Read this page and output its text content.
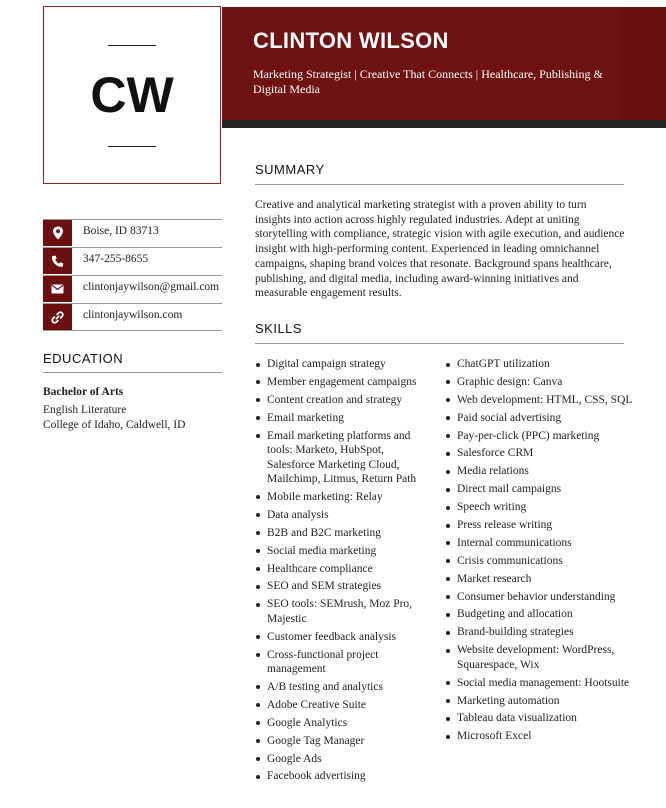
CLINTON WILSON

Marketing Strategist | Creative That Connects | Healthcare, Publishing & Digital Media

CW
Boise, ID 83713
347-255-8655
clintonjaywilson@gmail.com
clintonjaywilson.com
EDUCATION
Bachelor of Arts
English Literature
College of Idaho, Caldwell, ID
SUMMARY

Creative and analytical marketing strategist with a proven ability to turn insights into action across highly regulated industries. Adept at uniting storytelling with compliance, strategic vision with agile execution, and audience insight with high-performing content. Experienced in leading omnichannel campaigns, shaping brand voices that resonate. Background spans healthcare, publishing, and digital media, including award-winning initiatives and measurable engagement results.

SKILLS
Digital campaign strategy
Member engagement campaigns
Content creation and strategy
Email marketing
Email marketing platforms and tools: Marketo, HubSpot, Salesforce Marketing Cloud, Mailchimp, Litmus, Return Path
Mobile marketing: Relay
Data analysis
B2B and B2C marketing
Social media marketing
Healthcare compliance
SEO and SEM strategies
SEO tools: SEMrush, Moz Pro, Majestic
Customer feedback analysis
Cross-functional project management
A/B testing and analytics
Adobe Creative Suite
Google Analytics
Google Tag Manager
Google Ads
Facebook advertising
ChatGPT utilization
Graphic design: Canva
Web development: HTML, CSS, SQL
Paid social advertising
Pay-per-click (PPC) marketing
Salesforce CRM
Media relations
Direct mail campaigns
Speech writing
Press release writing
Internal communications
Crisis communications
Market research
Consumer behavior understanding
Budgeting and allocation
Brand-building strategies
Website development: WordPress, Squarespace, Wix
Social media management: Hootsuite
Marketing automation
Tableau data visualization
Microsoft Excel
